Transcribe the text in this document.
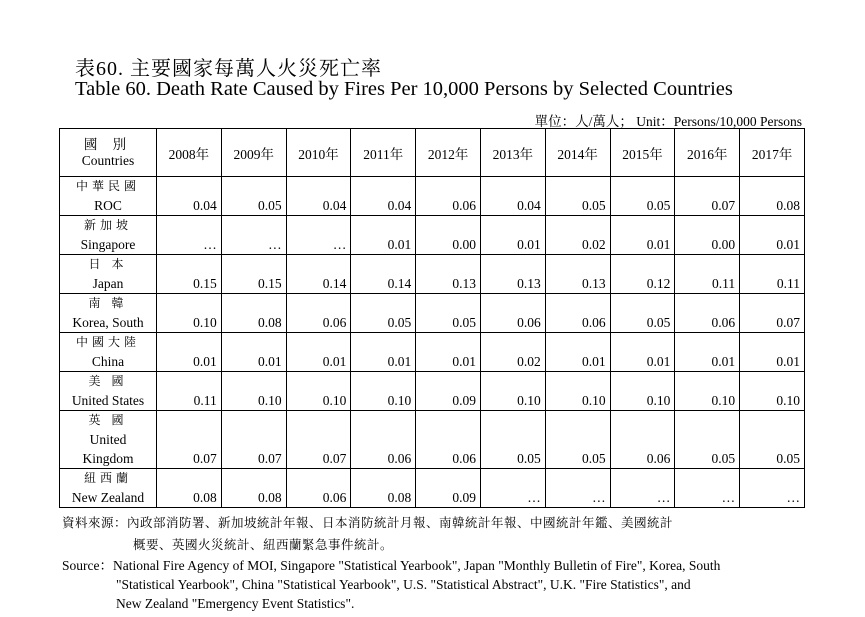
表60. 主要國家每萬人火災死亡率
Table 60. Death Rate Caused by Fires Per 10,000 Persons by Selected Countries
單位：人/萬人； Unit：Persons/10,000 Persons
國 別
Countries	2008年	2009年	2010年	2011年	2012年	2013年	2014年	2015年	2016年	2017年

中華民國
ROC	0.04	0.05	0.04	0.04	0.06	0.04	0.05	0.05	0.07	0.08

新加坡
Singapore	…	…	…	0.01	0.00	0.01	0.02	0.01	0.00	0.01

日 本
Japan	0.15	0.15	0.14	0.14	0.13	0.13	0.13	0.12	0.11	0.11

南 韓
Korea, South	0.10	0.08	0.06	0.05	0.05	0.06	0.06	0.05	0.06	0.07

中國大陸
China	0.01	0.01	0.01	0.01	0.01	0.02	0.01	0.01	0.01	0.01

美 國
United States	0.11	0.10	0.10	0.10	0.09	0.10	0.10	0.10	0.10	0.10

英 國
United Kingdom	0.07	0.07	0.07	0.06	0.06	0.05	0.05	0.06	0.05	0.05

紐西蘭
New Zealand	0.08	0.08	0.06	0.08	0.09	…	…	…	…	…
資料來源：內政部消防署、新加坡統計年報、日本消防統計月報、南韓統計年報、中國統計年鑑、美國統計
概要、英國火災統計、紐西蘭緊急事件統計。
Source：National Fire Agency of MOI, Singapore "Statistical Yearbook", Japan "Monthly Bulletin of Fire", Korea, South
"Statistical Yearbook", China "Statistical Yearbook", U.S. "Statistical Abstract", U.K. "Fire Statistics", and
New Zealand "Emergency Event Statistics".
